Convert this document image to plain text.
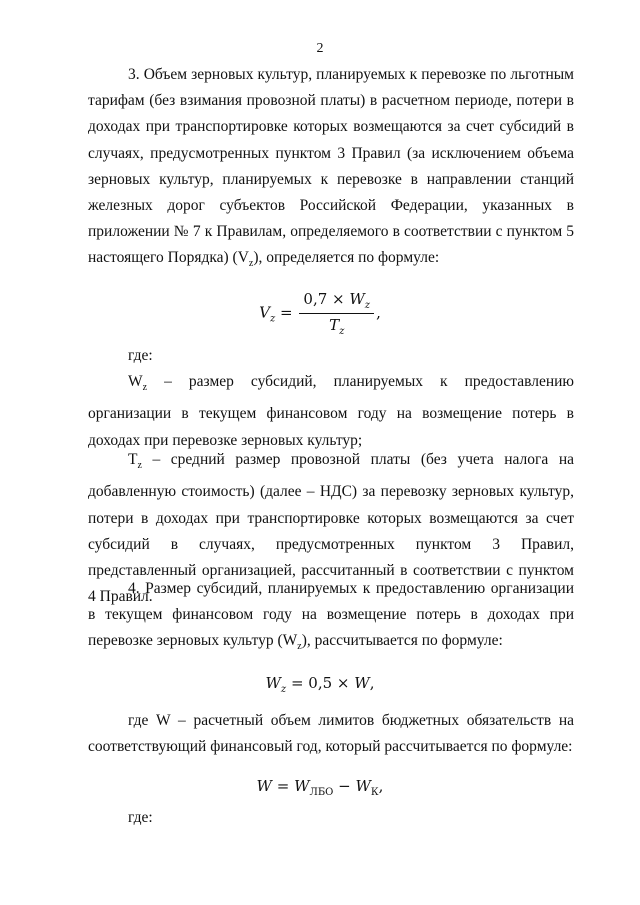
2

3. Объем зерновых культур, планируемых к перевозке по льготным тарифам (без взимания провозной платы) в расчетном периоде, потери в доходах при транспортировке которых возмещаются за счет субсидий в случаях, предусмотренных пунктом 3 Правил (за исключением объема зерновых культур, планируемых к перевозке в направлении станций железных дорог субъектов Российской Федерации, указанных в приложении № 7 к Правилам, определяемого в соответствии с пунктом 5 настоящего Порядка) $(V_z)$, определяется по формуле:

$V_z = \frac{0,7 \times W_z}{T_z}$ ,

где:

$W_z$ – размер субсидий, планируемых к предоставлению организации в текущем финансовом году на возмещение потерь в доходах при перевозке зерновых культур;

$T_z$ – средний размер провозной платы (без учета налога на добавленную стоимость) (далее – НДС) за перевозку зерновых культур, потери в доходах при транспортировке которых возмещаются за счет субсидий в случаях, предусмотренных пунктом 3 Правил, представленный организацией, рассчитанный в соответствии с пунктом 4 Правил.

4. Размер субсидий, планируемых к предоставлению организации в текущем финансовом году на возмещение потерь в доходах при перевозке зерновых культур $(W_z)$, рассчитывается по формуле:

$W_z = 0,5 \times W$,

где W – расчетный объем лимитов бюджетных обязательств на соответствующий финансовый год, который рассчитывается по формуле:

$W = W_{ЛБО} - W_К$,

где:
